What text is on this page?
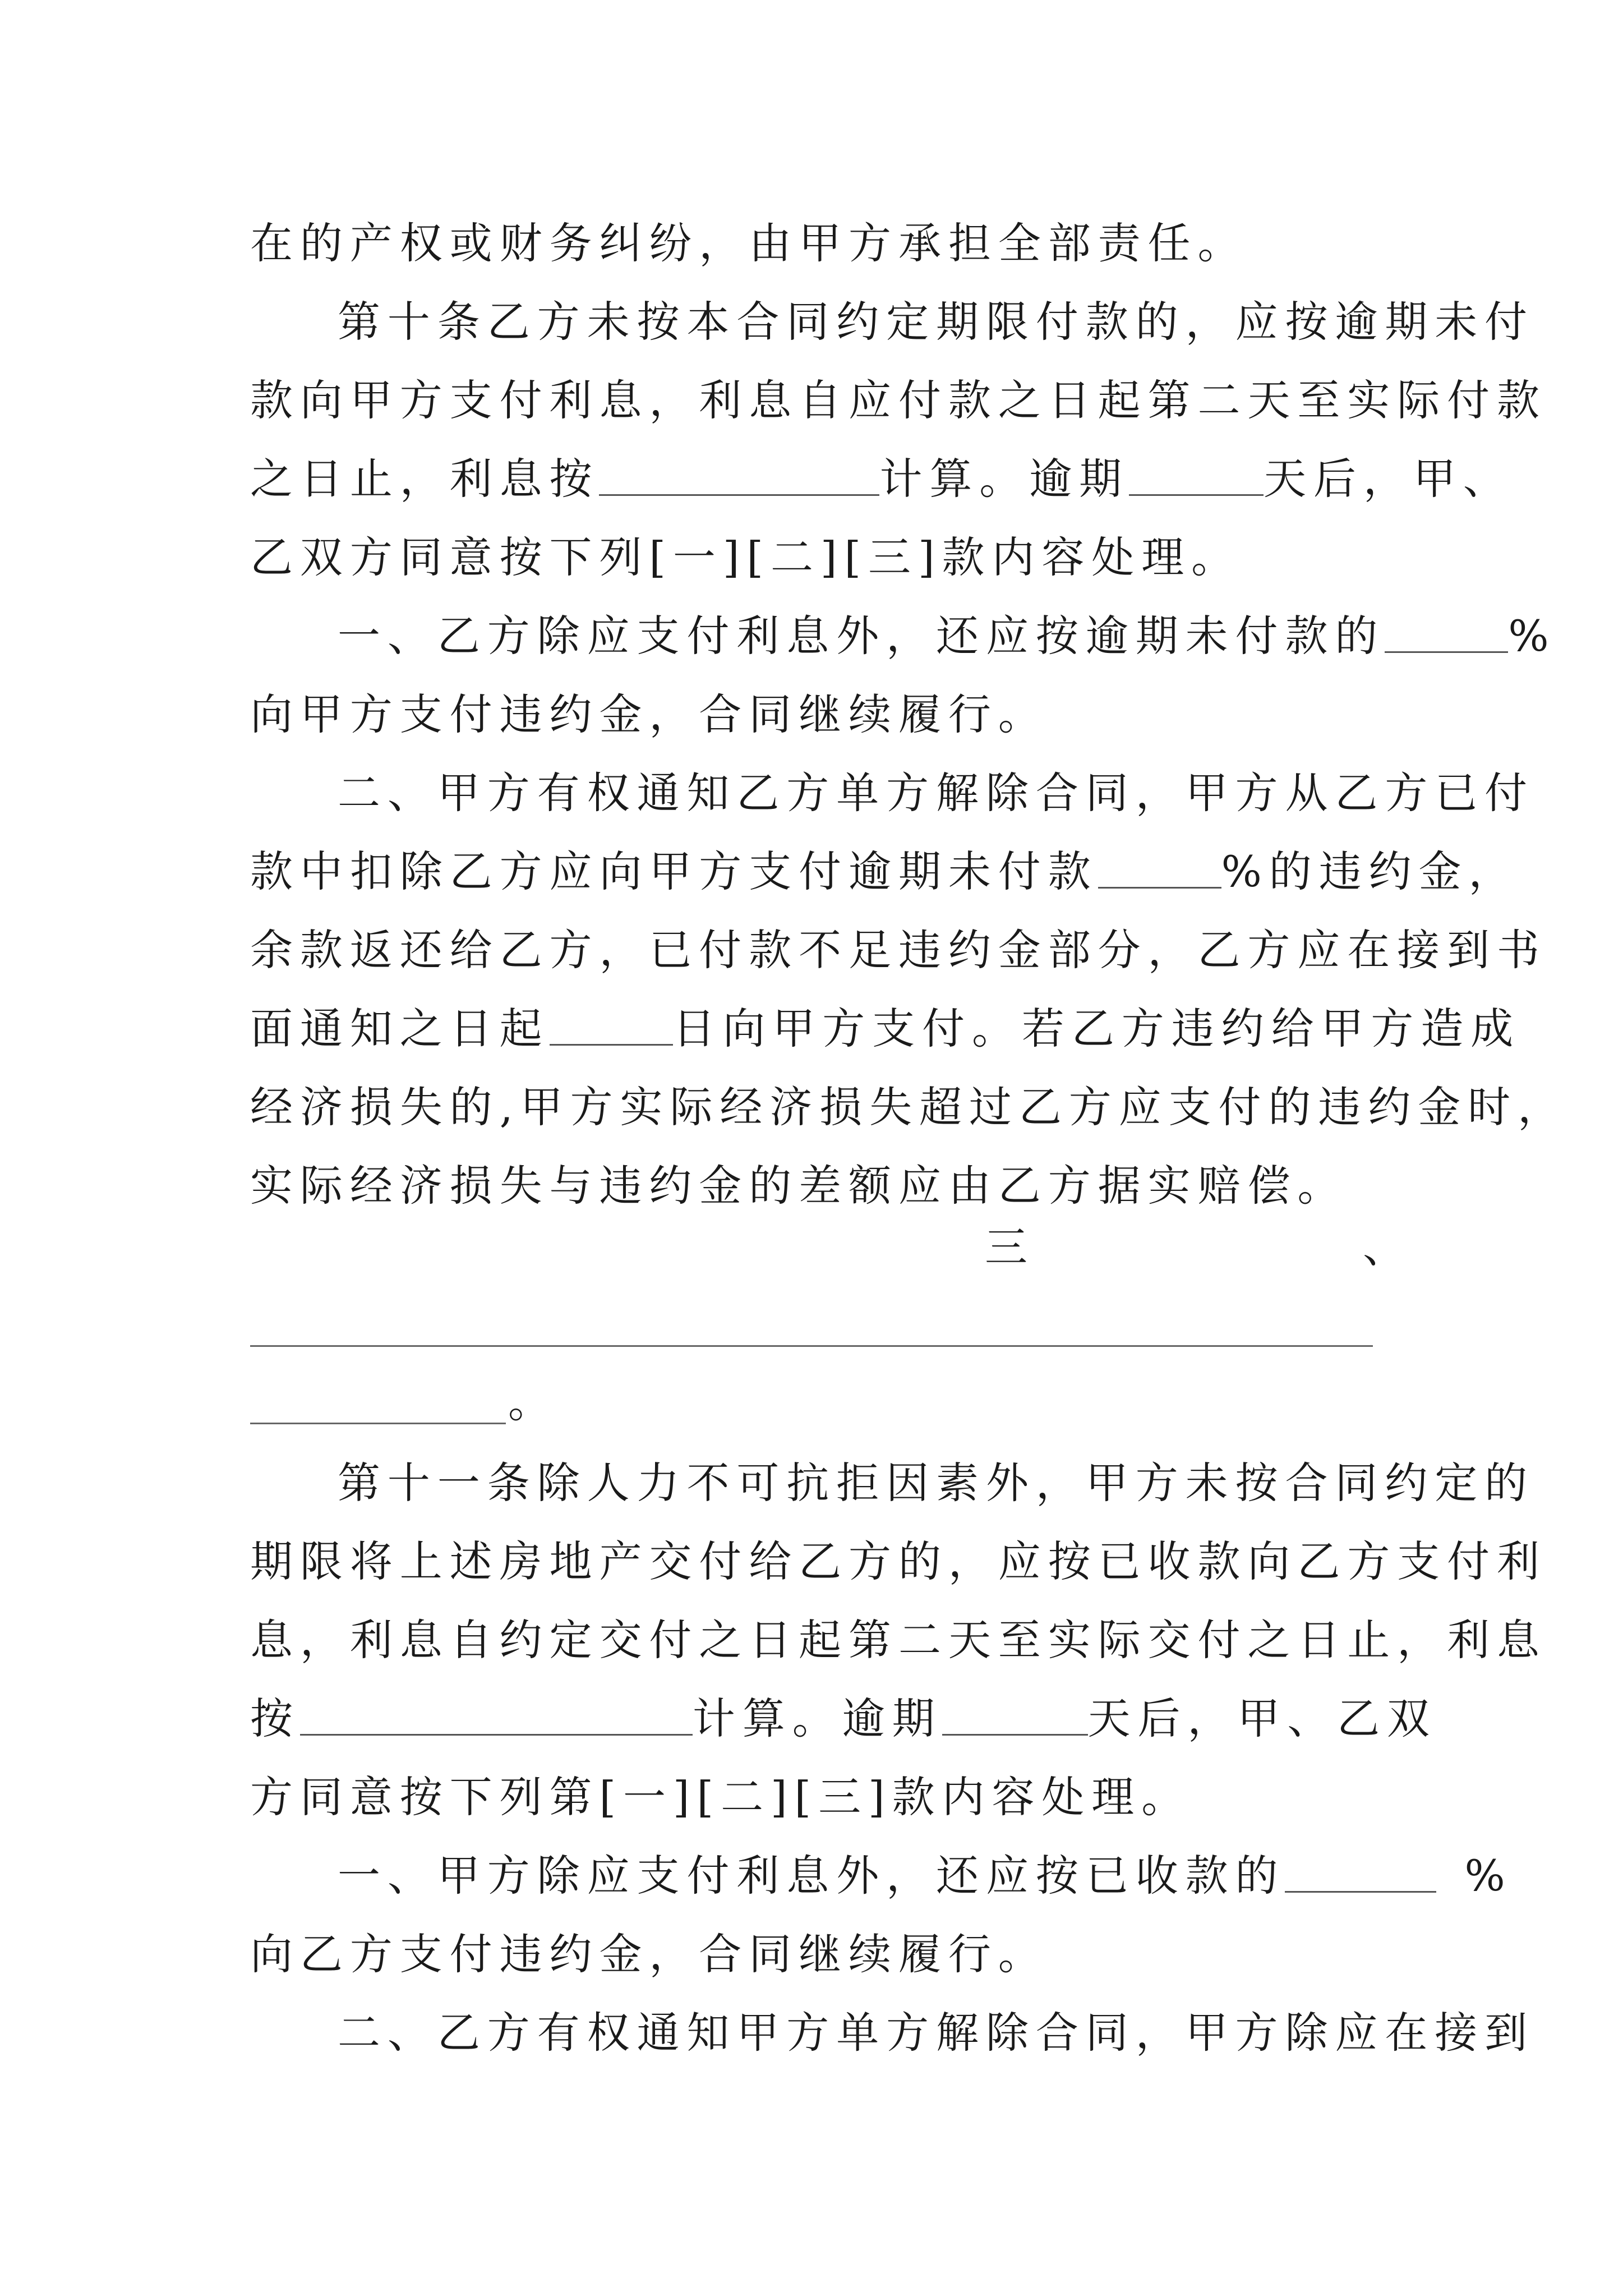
在的产权或财务纠纷，由甲方承担全部责任。
第十条乙方未按本合同约定期限付款的，应按逾期未付
款向甲方支付利息，利息自应付款之日起第二天至实际付款
之日止，利息按	计算。逾期	天后，甲、
乙双方同意按下列[一][二][三]款内容处理。
一、乙方除应支付利息外，还应按逾期未付款的	%
向甲方支付违约金，合同继续履行。
二、甲方有权通知乙方单方解除合同，甲方从乙方已付
款中扣除乙方应向甲方支付逾期未付款	%的违约金，
余款返还给乙方，已付款不足违约金部分，乙方应在接到书
面通知之日起	日向甲方支付。若乙方违约给甲方造成
经济损失的,甲方实际经济损失超过乙方应支付的违约金时，
实际经济损失与违约金的差额应由乙方据实赔偿。
三	、
。
第十一条除人力不可抗拒因素外，甲方未按合同约定的
期限将上述房地产交付给乙方的，应按已收款向乙方支付利
息，利息自约定交付之日起第二天至实际交付之日止，利息
按	计算。逾期	天后，甲、乙双
方同意按下列第[一][二][三]款内容处理。
一、甲方除应支付利息外，还应按已收款的	%
向乙方支付违约金，合同继续履行。
二、乙方有权通知甲方单方解除合同，甲方除应在接到
